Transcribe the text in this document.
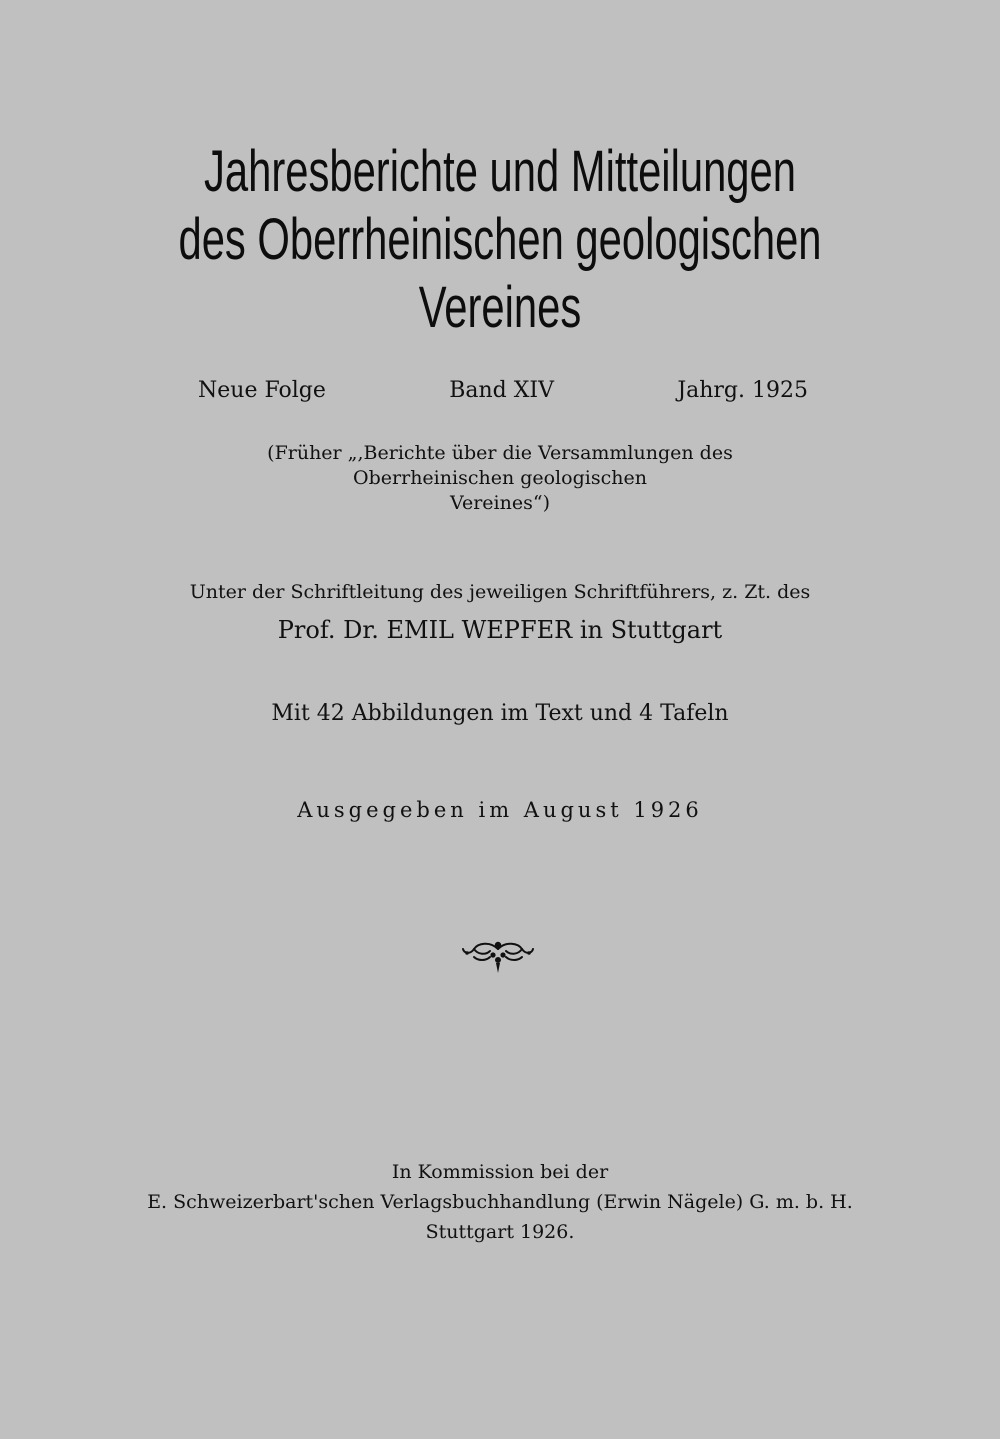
Jahresberichte und Mitteilungen
des Oberrheinischen geologischen
Vereines
Neue Folge	Band XIV	Jahrg. 1925
(Früher „,Berichte über die Versammlungen des
Oberrheinischen geologischen
Vereines“)
Unter der Schriftleitung des jeweiligen Schriftführers, z. Zt. des
Prof. Dr. EMIL WEPFER in Stuttgart
Mit 42 Abbildungen im Text und 4 Tafeln
Ausgegeben im August 1926
In Kommission bei der
E. Schweizerbart'schen Verlagsbuchhandlung (Erwin Nägele) G. m. b. H.
Stuttgart 1926.
